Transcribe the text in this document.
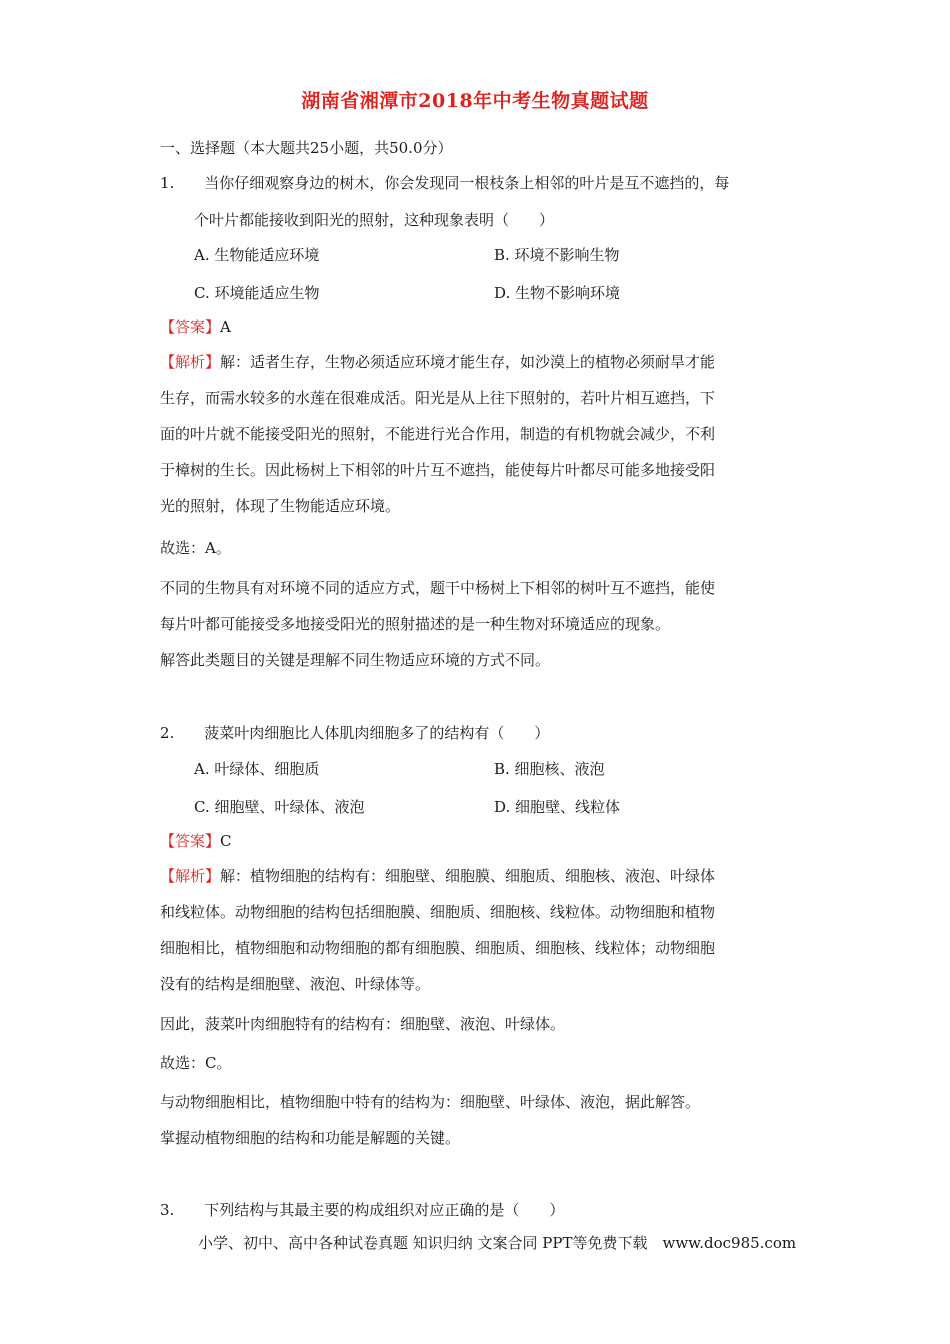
湖南省湘潭市2018年中考生物真题试题
一、选择题（本大题共25小题，共50.0分）
1.　　当你仔细观察身边的树木，你会发现同一根枝条上相邻的叶片是互不遮挡的，每
个叶片都能接收到阳光的照射，这种现象表明（　　）
A. 生物能适应环境	B. 环境不影响生物
C. 环境能适应生物	D. 生物不影响环境
【答案】A
【解析】解：适者生存，生物必须适应环境才能生存，如沙漠上的植物必须耐旱才能
生存，而需水较多的水莲在很难成活。阳光是从上往下照射的，若叶片相互遮挡，下
面的叶片就不能接受阳光的照射，不能进行光合作用，制造的有机物就会减少，不利
于樟树的生长。因此杨树上下相邻的叶片互不遮挡，能使每片叶都尽可能多地接受阳
光的照射，体现了生物能适应环境。
故选：A。
不同的生物具有对环境不同的适应方式，题干中杨树上下相邻的树叶互不遮挡，能使
每片叶都可能接受多地接受阳光的照射描述的是一种生物对环境适应的现象。
解答此类题目的关键是理解不同生物适应环境的方式不同。
2.　　菠菜叶肉细胞比人体肌肉细胞多了的结构有（　　）
A. 叶绿体、细胞质	B. 细胞核、液泡
C. 细胞壁、叶绿体、液泡	D. 细胞壁、线粒体
【答案】C
【解析】解：植物细胞的结构有：细胞壁、细胞膜、细胞质、细胞核、液泡、叶绿体
和线粒体。动物细胞的结构包括细胞膜、细胞质、细胞核、线粒体。动物细胞和植物
细胞相比，植物细胞和动物细胞的都有细胞膜、细胞质、细胞核、线粒体；动物细胞
没有的结构是细胞壁、液泡、叶绿体等。
因此，菠菜叶肉细胞特有的结构有：细胞壁、液泡、叶绿体。
故选：C。
与动物细胞相比，植物细胞中特有的结构为：细胞壁、叶绿体、液泡，据此解答。
掌握动植物细胞的结构和功能是解题的关键。
3.　　下列结构与其最主要的构成组织对应正确的是（　　）
小学、初中、高中各种试卷真题 知识归纳 文案合同 PPT等免费下载　www.doc985.com
